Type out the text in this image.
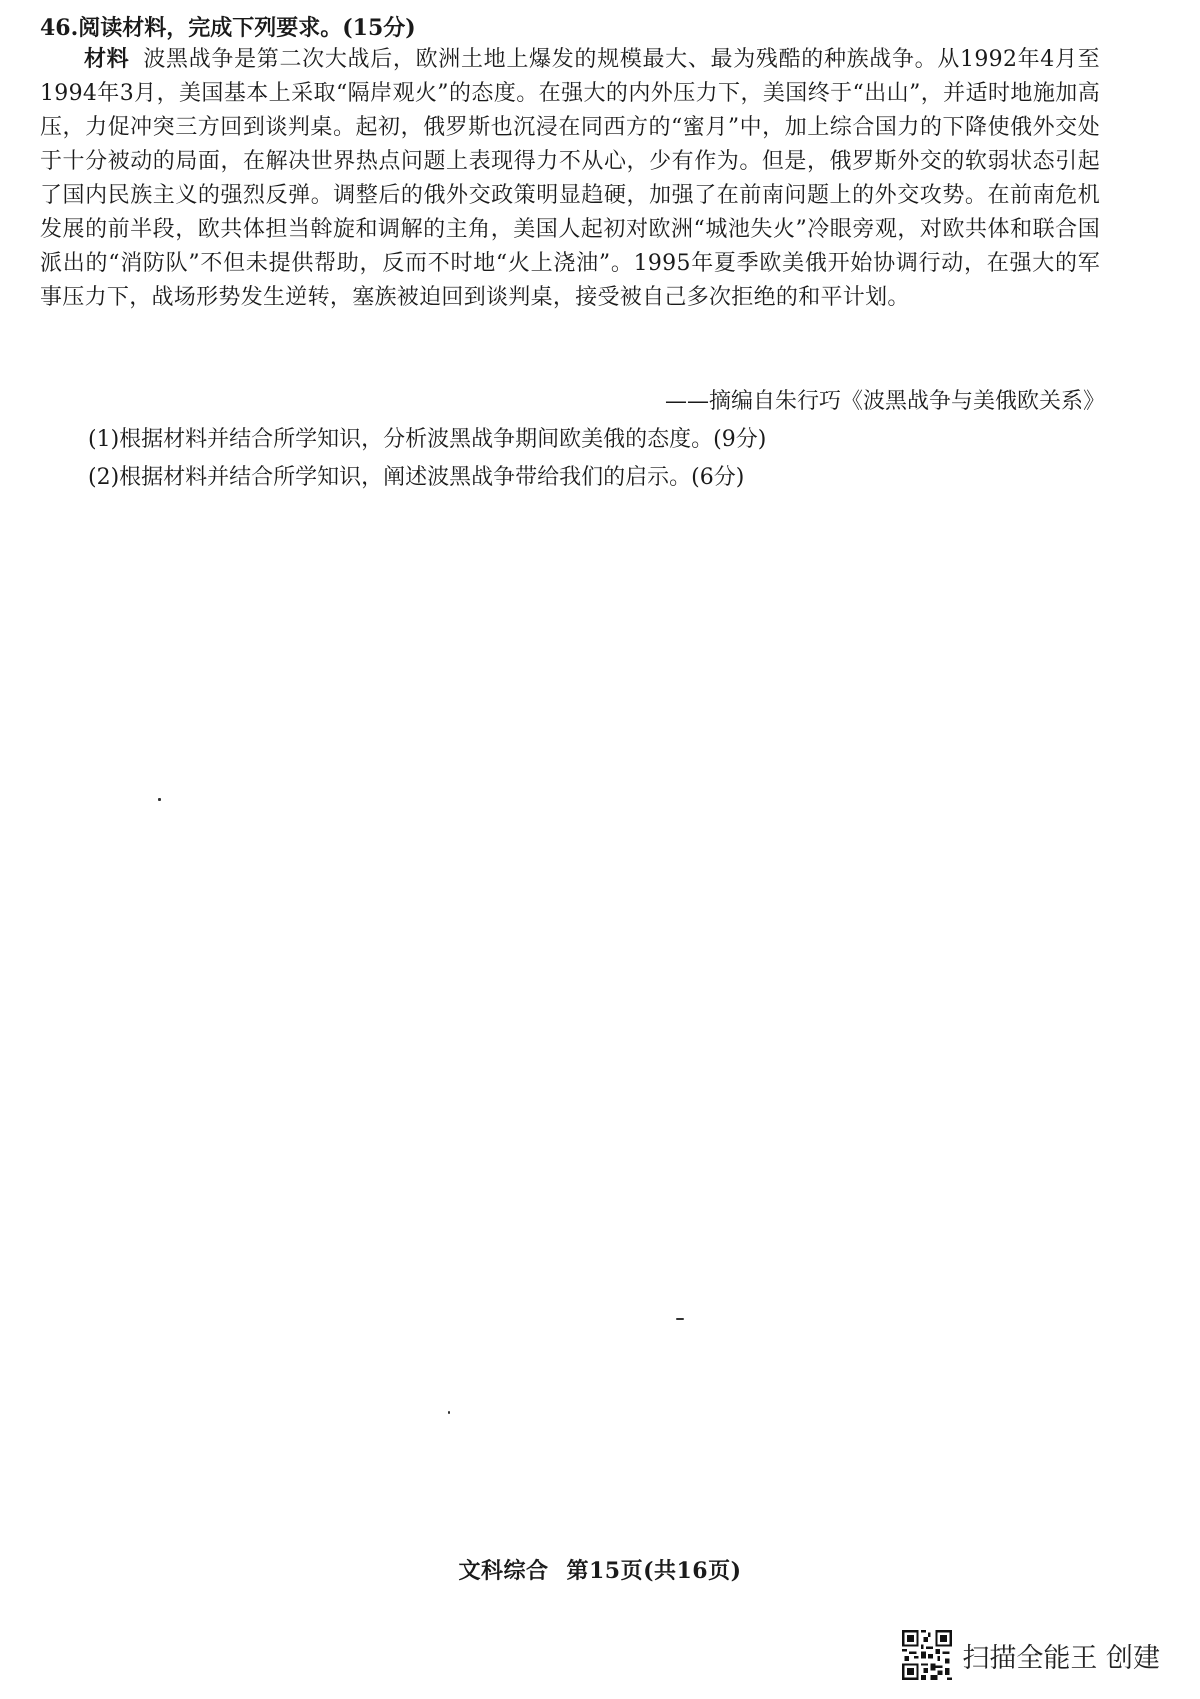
46.阅读材料，完成下列要求。(15分)
材料 波黑战争是第二次大战后，欧洲土地上爆发的规模最大、最为残酷的种族战争。从1992年4月至1994年3月，美国基本上采取“隔岸观火”的态度。在强大的内外压力下，美国终于“出山”，并适时地施加高压，力促冲突三方回到谈判桌。起初，俄罗斯也沉浸在同西方的“蜜月”中，加上综合国力的下降使俄外交处于十分被动的局面，在解决世界热点问题上表现得力不从心，少有作为。但是，俄罗斯外交的软弱状态引起了国内民族主义的强烈反弹。调整后的俄外交政策明显趋硬，加强了在前南问题上的外交攻势。在前南危机发展的前半段，欧共体担当斡旋和调解的主角，美国人起初对欧洲“城池失火”冷眼旁观，对欧共体和联合国派出的“消防队”不但未提供帮助，反而不时地“火上浇油”。1995年夏季欧美俄开始协调行动，在强大的军事压力下，战场形势发生逆转，塞族被迫回到谈判桌，接受被自己多次拒绝的和平计划。
——摘编自朱行巧《波黑战争与美俄欧关系》
(1)根据材料并结合所学知识，分析波黑战争期间欧美俄的态度。(9分)
(2)根据材料并结合所学知识，阐述波黑战争带给我们的启示。(6分)
文科综合 第15页(共16页)
扫描全能王 创建
